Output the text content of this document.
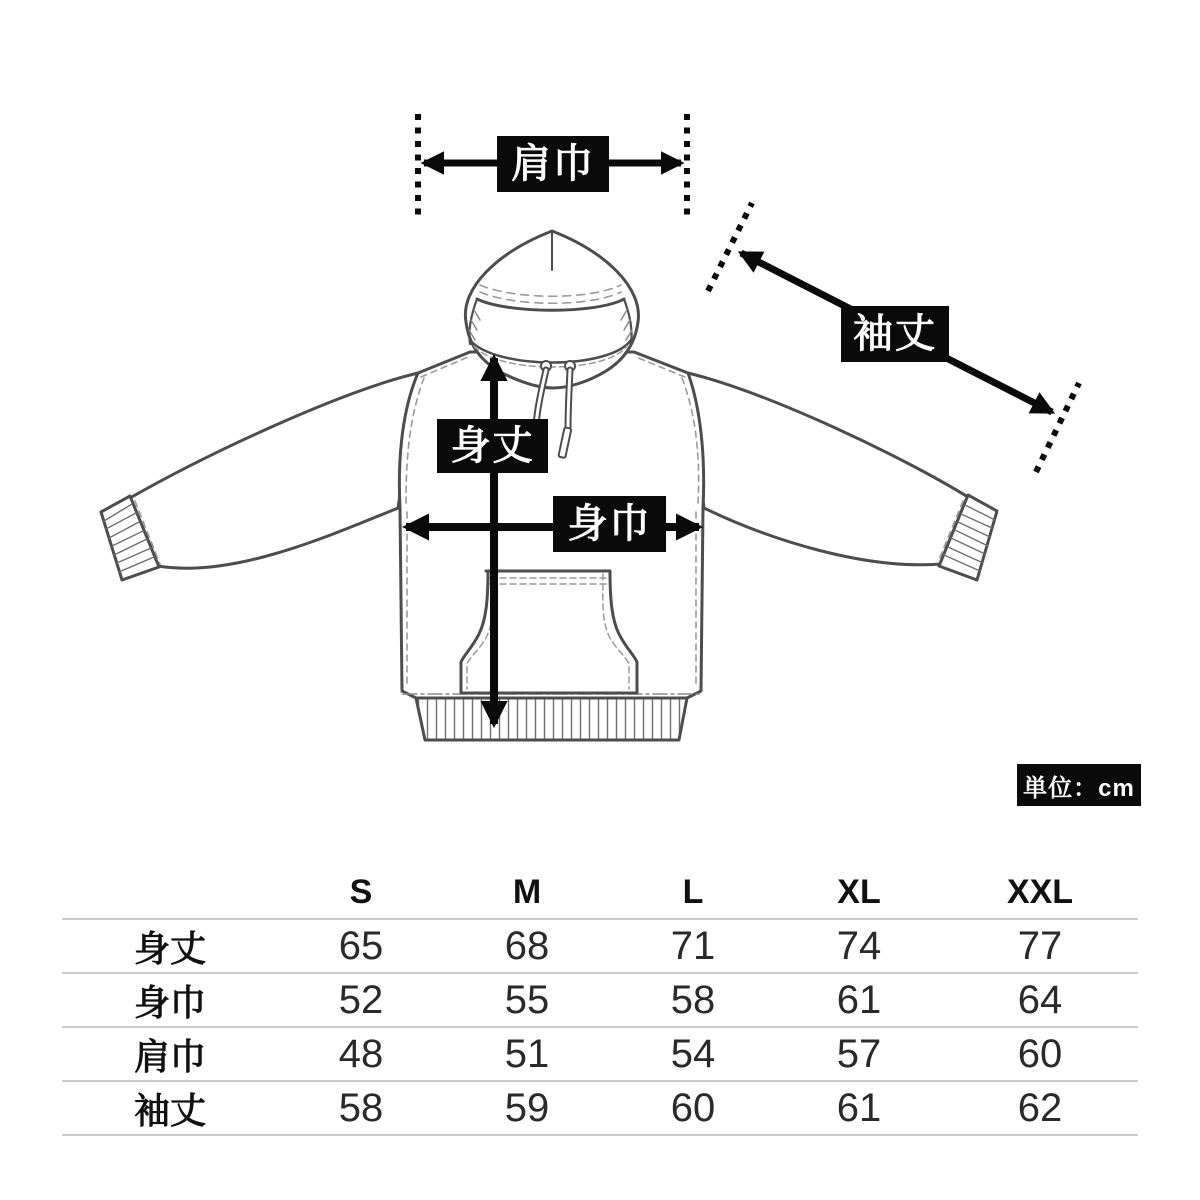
肩巾
袖丈
身丈
身巾
単位：cm
	S	M	L	XL	XXL
身丈	65	68	71	74	77
身巾	52	55	58	61	64
肩巾	48	51	54	57	60
袖丈	58	59	60	61	62
